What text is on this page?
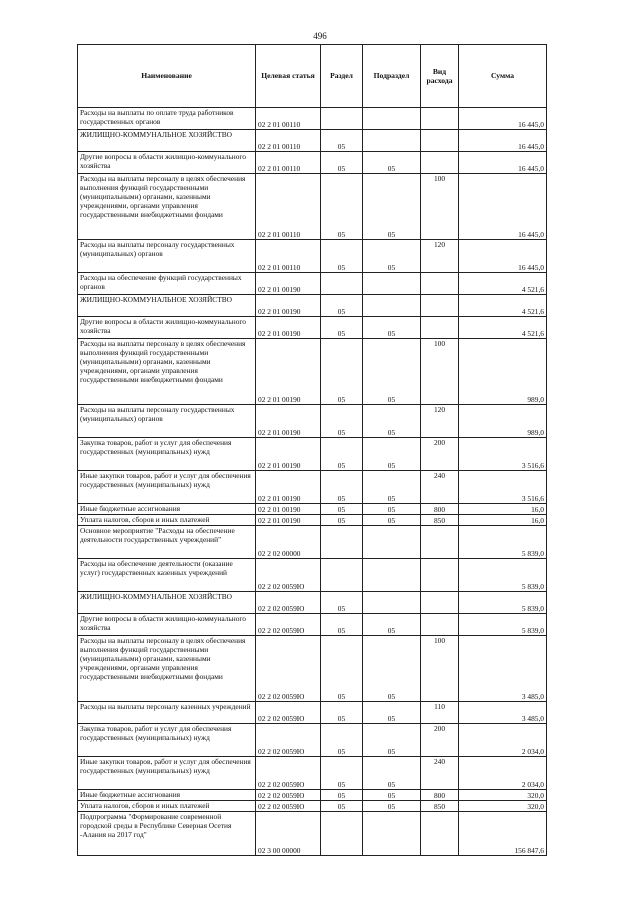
496
Наименование	Целевая статья	Раздел	Подраздел	Вид расхода	Сумма
Расходы на выплаты по оплате труда работников государственных органов	02 2 01 00110				16 445,0
ЖИЛИЩНО-КОММУНАЛЬНОЕ ХОЗЯЙСТВО	02 2 01 00110	05			16 445,0
Другие вопросы в области жилищно-коммунального хозяйства	02 2 01 00110	05	05		16 445,0
Расходы на выплаты персоналу в целях обеспечения выполнения функций государственными (муниципальными) органами, казенными учреждениями, органами управления государственными внебюджетными фондами	02 2 01 00110	05	05	100	16 445,0
Расходы на выплаты персоналу государственных (муниципальных) органов	02 2 01 00110	05	05	120	16 445,0
Расходы на обеспечение функций государственных органов	02 2 01 00190				4 521,6
ЖИЛИЩНО-КОММУНАЛЬНОЕ ХОЗЯЙСТВО	02 2 01 00190	05			4 521,6
Другие вопросы в области жилищно-коммунального хозяйства	02 2 01 00190	05	05		4 521,6
Расходы на выплаты персоналу в целях обеспечения выполнения функций государственными (муниципальными) органами, казенными учреждениями, органами управления государственными внебюджетными фондами	02 2 01 00190	05	05	100	989,0
Расходы на выплаты персоналу государственных (муниципальных) органов	02 2 01 00190	05	05	120	989,0
Закупка товаров, работ и услуг для обеспечения государственных (муниципальных) нужд	02 2 01 00190	05	05	200	3 516,6
Иные закупки товаров, работ и услуг для обеспечения государственных (муниципальных) нужд	02 2 01 00190	05	05	240	3 516,6
Иные бюджетные ассигнования	02 2 01 00190	05	05	800	16,0
Уплата налогов, сборов и иных платежей	02 2 01 00190	05	05	850	16,0
Основное мероприятие "Расходы на обеспечение деятельности государственных учреждений"	02 2 02 00000				5 839,0
Расходы на обеспечение деятельности (оказание услуг) государственных казенных учреждений	02 2 02 0059Ю				5 839,0
ЖИЛИЩНО-КОММУНАЛЬНОЕ ХОЗЯЙСТВО	02 2 02 0059Ю	05			5 839,0
Другие вопросы в области жилищно-коммунального хозяйства	02 2 02 0059Ю	05	05		5 839,0
Расходы на выплаты персоналу в целях обеспечения выполнения функций государственными (муниципальными) органами, казенными учреждениями, органами управления государственными внебюджетными фондами	02 2 02 0059Ю	05	05	100	3 485,0
Расходы на выплаты персоналу казенных учреждений	02 2 02 0059Ю	05	05	110	3 485,0
Закупка товаров, работ и услуг для обеспечения государственных (муниципальных) нужд	02 2 02 0059Ю	05	05	200	2 034,0
Иные закупки товаров, работ и услуг для обеспечения государственных (муниципальных) нужд	02 2 02 0059Ю	05	05	240	2 034,0
Иные бюджетные ассигнования	02 2 02 0059Ю	05	05	800	320,0
Уплата налогов, сборов и иных платежей	02 2 02 0059Ю	05	05	850	320,0
Подпрограмма "Формирование современной городской среды в Республике Северная Осетия -Алания на 2017 год"	02 3 00 00000				156 847,6
